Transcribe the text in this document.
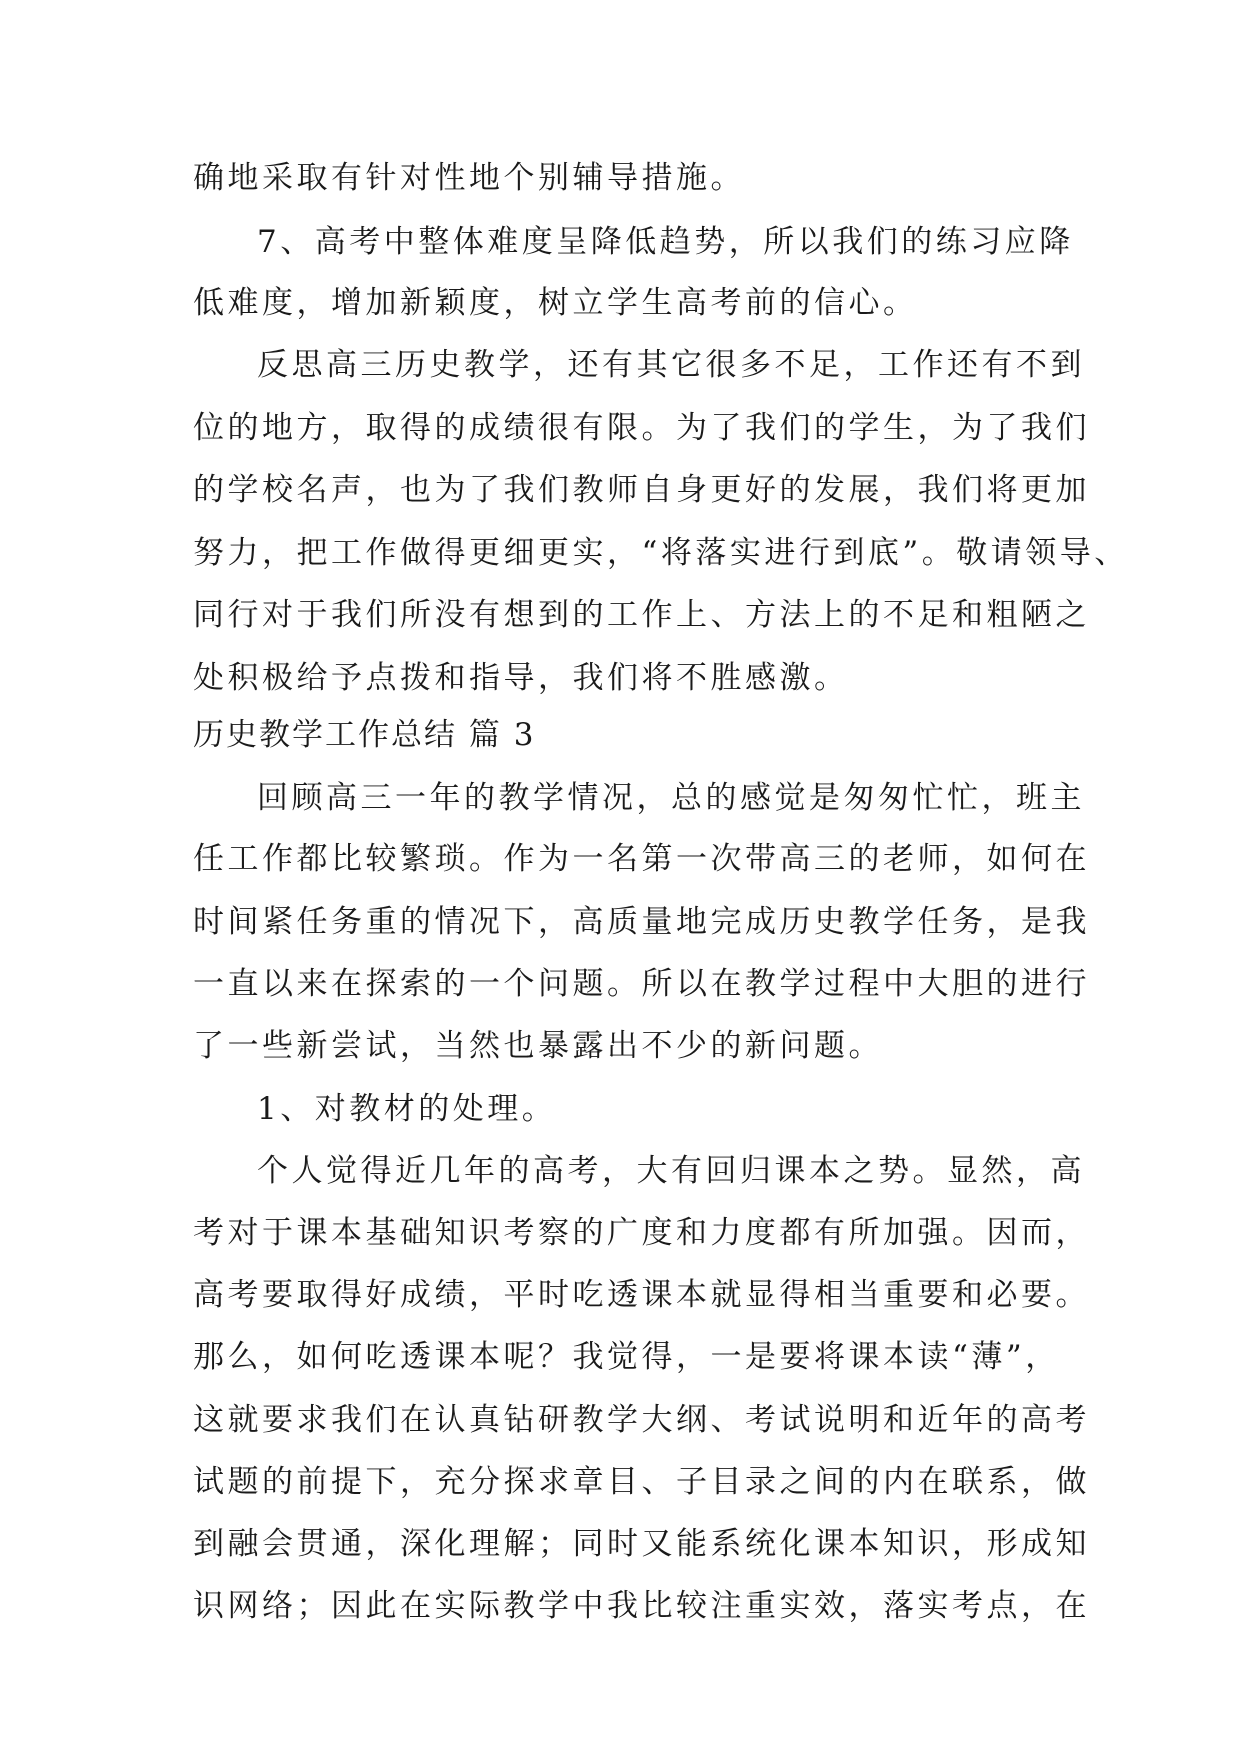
确地采取有针对性地个别辅导措施。
7、高考中整体难度呈降低趋势，所以我们的练习应降
低难度，增加新颖度，树立学生高考前的信心。
反思高三历史教学，还有其它很多不足，工作还有不到
位的地方，取得的成绩很有限。为了我们的学生，为了我们
的学校名声，也为了我们教师自身更好的发展，我们将更加
努力，把工作做得更细更实，“将落实进行到底”。敬请领导、
同行对于我们所没有想到的工作上、方法上的不足和粗陋之
处积极给予点拨和指导，我们将不胜感激。
历史教学工作总结 篇 3
回顾高三一年的教学情况，总的感觉是匆匆忙忙，班主
任工作都比较繁琐。作为一名第一次带高三的老师，如何在
时间紧任务重的情况下，高质量地完成历史教学任务，是我
一直以来在探索的一个问题。所以在教学过程中大胆的进行
了一些新尝试，当然也暴露出不少的新问题。
1、对教材的处理。
个人觉得近几年的高考，大有回归课本之势。显然，高
考对于课本基础知识考察的广度和力度都有所加强。因而，
高考要取得好成绩，平时吃透课本就显得相当重要和必要。
那么，如何吃透课本呢？我觉得，一是要将课本读“薄”，
这就要求我们在认真钻研教学大纲、考试说明和近年的高考
试题的前提下，充分探求章目、子目录之间的内在联系，做
到融会贯通，深化理解；同时又能系统化课本知识，形成知
识网络；因此在实际教学中我比较注重实效，落实考点，在
